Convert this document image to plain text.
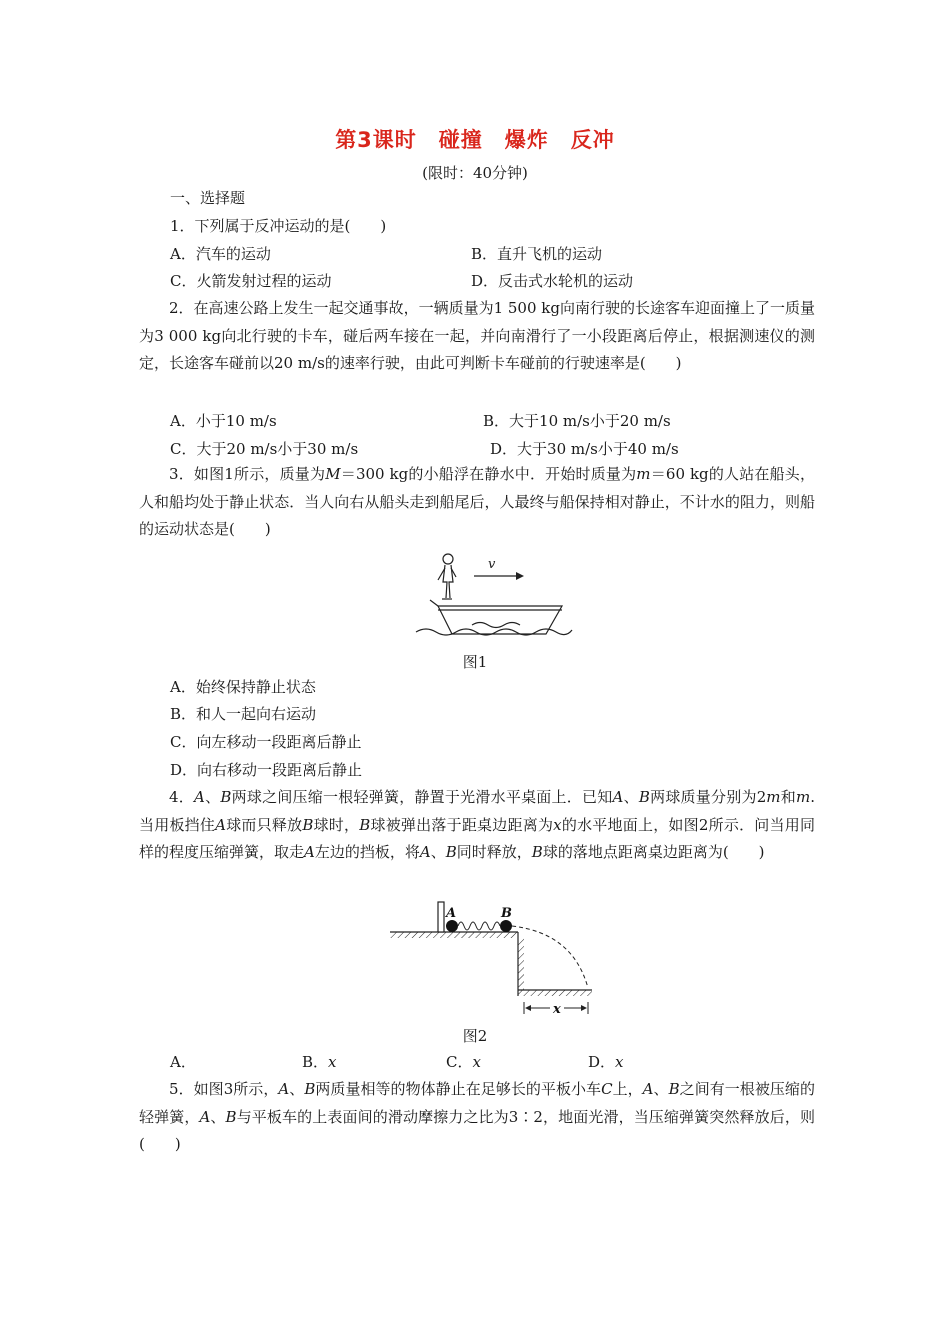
第3课时　碰撞　爆炸　反冲
(限时：40分钟)
一、选择题
1．下列属于反冲运动的是(　　)
A．汽车的运动	B．直升飞机的运动
C．火箭发射过程的运动	D．反击式水轮机的运动
2．在高速公路上发生一起交通事故，一辆质量为1 500 kg向南行驶的长途客车迎面撞上了一质量为3 000 kg向北行驶的卡车，碰后两车接在一起，并向南滑行了一小段距离后停止，根据测速仪的测定，长途客车碰前以20 m/s的速率行驶，由此可判断卡车碰前的行驶速率是(　　)
A．小于10 m/s	B．大于10 m/s小于20 m/s
C．大于20 m/s小于30 m/s	D．大于30 m/s小于40 m/s
3．如图1所示，质量为M＝300 kg的小船浮在静水中．开始时质量为m＝60 kg的人站在船头，人和船均处于静止状态．当人向右从船头走到船尾后，人最终与船保持相对静止，不计水的阻力，则船的运动状态是(　　)
v
图1
A．始终保持静止状态
B．和人一起向右运动
C．向左移动一段距离后静止
D．向右移动一段距离后静止
4．A、B两球之间压缩一根轻弹簧，静置于光滑水平桌面上．已知A、B两球质量分别为2m和m.当用板挡住A球而只释放B球时，B球被弹出落于距桌边距离为x的水平地面上，如图2所示．问当用同样的程度压缩弹簧，取走A左边的挡板，将A、B同时释放，B球的落地点距离桌边距离为(　　)
A	B
x
图2
A．	B．x	C．x	D．x
5．如图3所示，A、B两质量相等的物体静止在足够长的平板小车C上，A、B之间有一根被压缩的轻弹簧，A、B与平板车的上表面间的滑动摩擦力之比为3∶2，地面光滑，当压缩弹簧突然释放后，则(　　)
